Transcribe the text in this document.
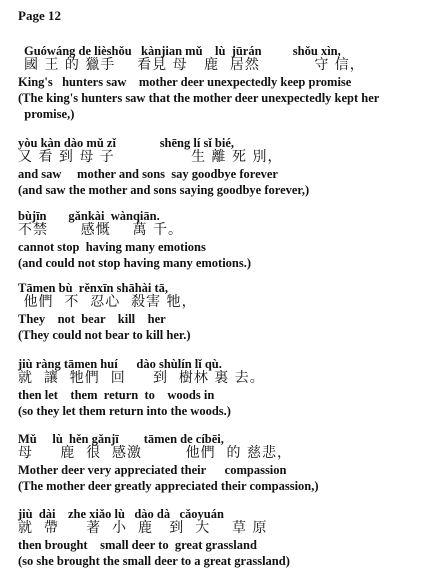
Page 12
Guówáng de lièshǒu   kànjian mǔ    lù  jūrán          shǒu xìn,
國 王 的 獵手    看見 母   鹿  居然          守 信，
King's   hunters saw    mother deer unexpectedly keep promise
(The king's hunters saw that the mother deer unexpectedly kept her
promise,)
yòu kàn dào mǔ zǐ              shēng lí sǐ bié,
又 看 到 母 子              生 離 死 別，
and saw     mother and sons  say goodbye forever
(and saw the mother and sons saying goodbye forever,)
bùjīn       gǎnkài  wànqiān.
不禁      感慨    萬 千。
cannot stop  having many emotions
(and could not stop having many emotions.)
Tāmen bù  rěnxīn shāhài tā,
他們  不  忍心  殺害 牠，
They    not  bear    kill    her
(They could not bear to kill her.)
jiù ràng tāmen huí      dào shùlín lǐ qù.
就  讓  牠們  回     到  樹林 裏 去。
then let    them  return  to    woods in
(so they let them return into the woods.)
Mǔ     lù  hěn gǎnjī        tāmen de cíbēi,
母     鹿  很  感激        他們  的 慈悲，
Mother deer very appreciated their      compassion
(The mother deer greatly appreciated their compassion,)
jiù  dài    zhe xiǎo lù   dào dà   cǎoyuán
就  帶     著  小  鹿   到  大    草 原
then brought    small deer to  great grassland
(so she brought the small deer to a great grassland)
